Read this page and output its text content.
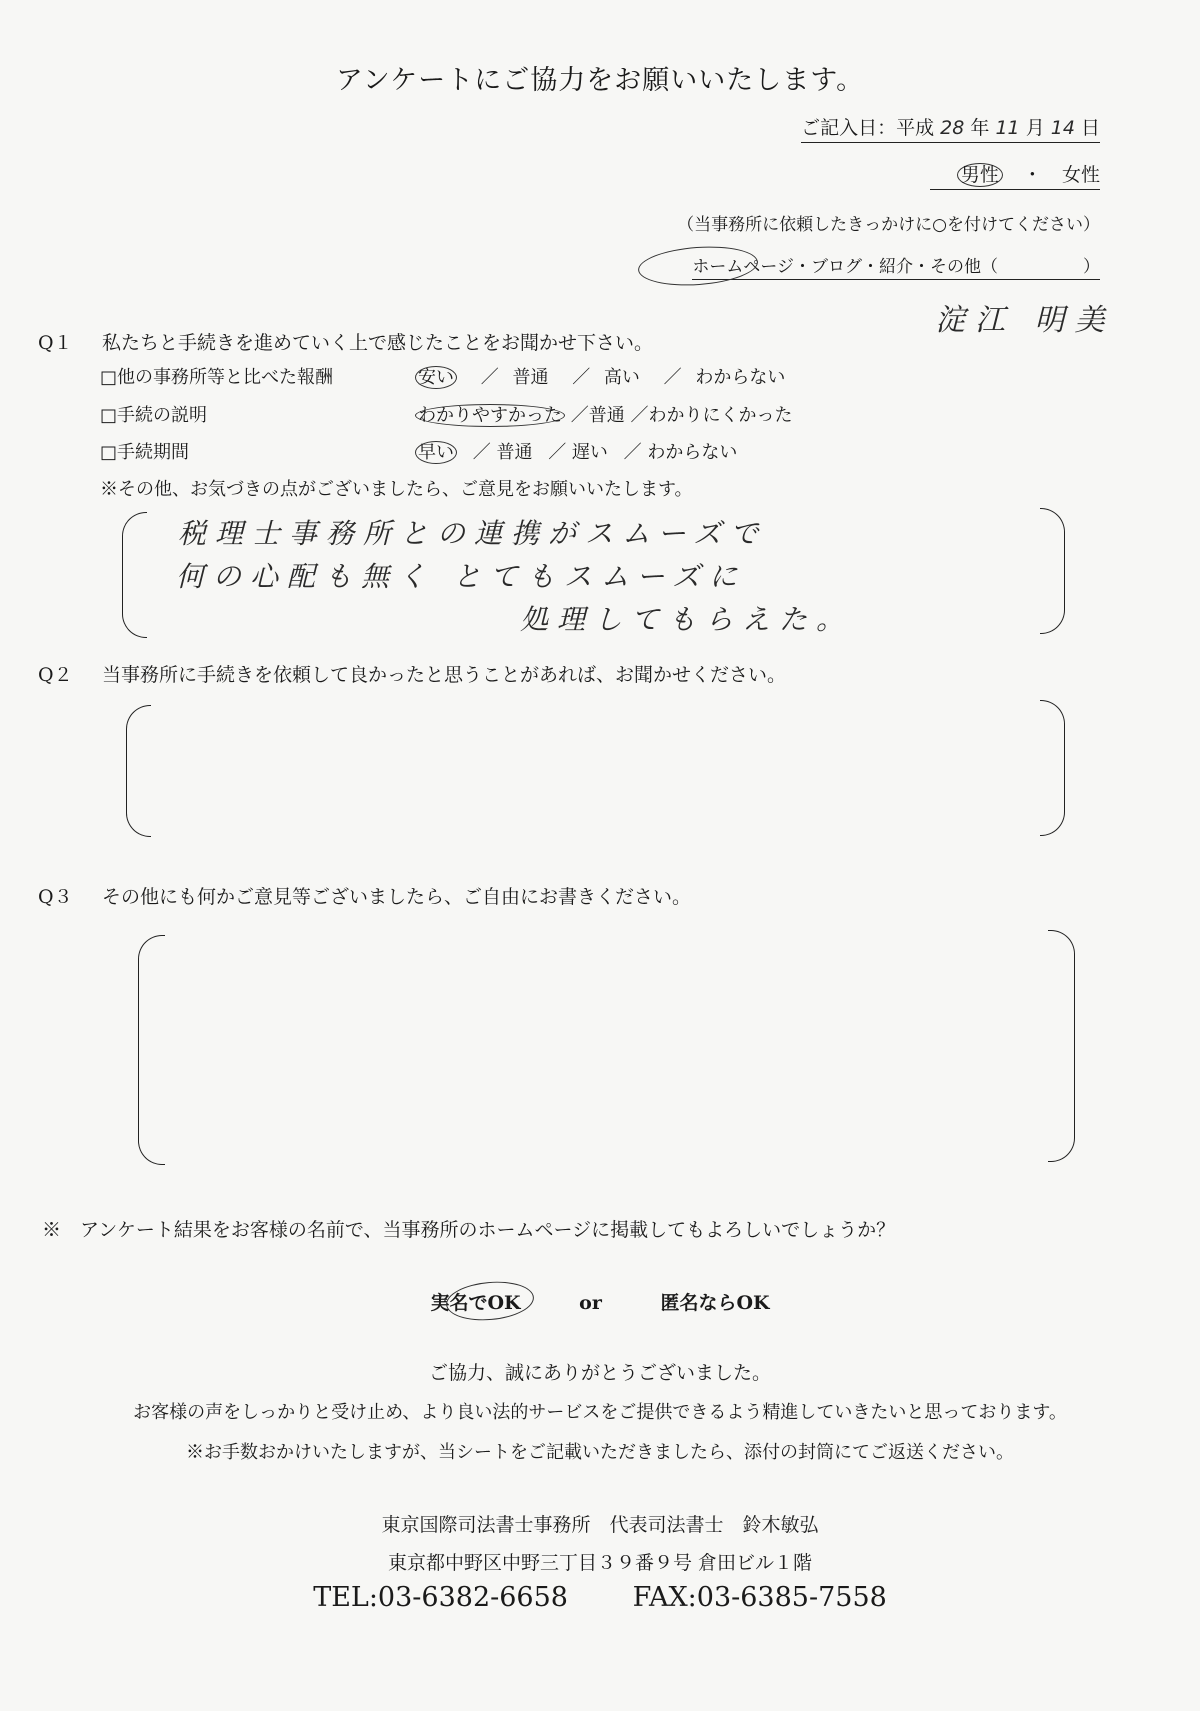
アンケートにご協力をお願いいたします。
ご記入日：平成 28 年 11 月 14 日
男性 ・ 女性
（当事務所に依頼したきっかけに○を付けてください）
ホームページ・ブログ・紹介・その他（　　　　　）
淀江 明美
Q１ 私たちと手続きを進めていく上で感じたことをお聞かせ下さい。
□他の事務所等と比べた報酬	安い ／ 普通 ／ 高い ／ わからない
□手続の説明	わかりやすかった ／普通 ／わかりにくかった
□手続期間	早い ／ 普通 ／ 遅い ／ わからない
※その他、お気づきの点がございましたら、ご意見をお願いいたします。
税理士事務所との連携がスムーズで
何の心配も無く とてもスムーズに
処理してもらえた。
Q２ 当事務所に手続きを依頼して良かったと思うことがあれば、お聞かせください。
Q３ その他にも何かご意見等ございましたら、ご自由にお書きください。
※　アンケート結果をお客様の名前で、当事務所のホームページに掲載してもよろしいでしょうか？
実名でOK	or	匿名ならOK
ご協力、誠にありがとうございました。
お客様の声をしっかりと受け止め、より良い法的サービスをご提供できるよう精進していきたいと思っております。
※お手数おかけいたしますが、当シートをご記載いただきましたら、添付の封筒にてご返送ください。
東京国際司法書士事務所　代表司法書士　鈴木敏弘
東京都中野区中野三丁目３９番９号 倉田ビル１階
TEL:03-6382-6658 FAX:03-6385-7558
